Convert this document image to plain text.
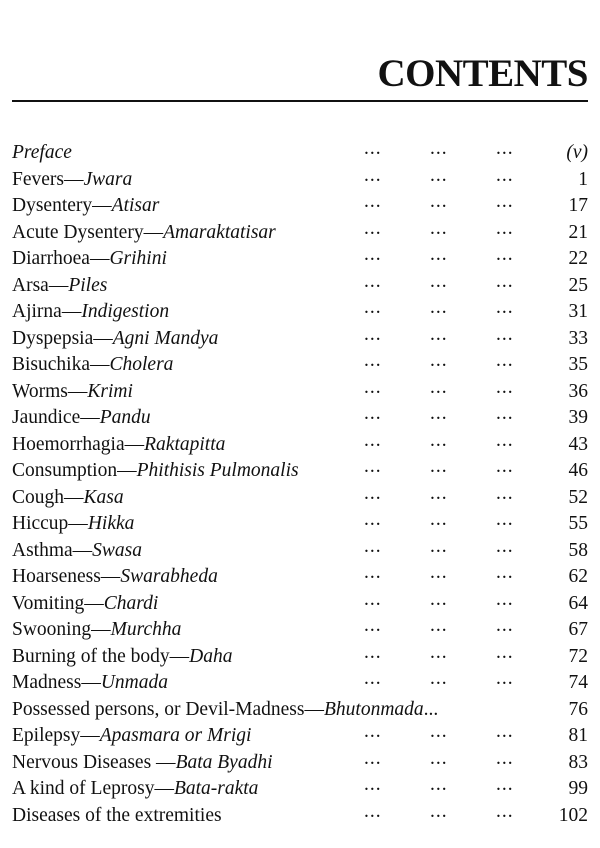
CONTENTS
Preface	... ... ...	(v)
Fevers—Jwara	... ... ...	1
Dysentery—Atisar	... ... ...	17
Acute Dysentery—Amaraktatisar	... ... ...	21
Diarrhoea—Grihini	... ... ...	22
Arsa—Piles	... ... ...	25
Ajirna—Indigestion	... ... ...	31
Dyspepsia—Agni Mandya	... ... ...	33
Bisuchika—Cholera	... ... ...	35
Worms—Krimi	... ... ...	36
Jaundice—Pandu	... ... ...	39
Hoemorrhagia—Raktapitta	... ... ...	43
Consumption—Phithisis Pulmonalis	... ... ...	46
Cough—Kasa	... ... ...	52
Hiccup—Hikka	... ... ...	55
Asthma—Swasa	... ... ...	58
Hoarseness—Swarabheda	... ... ...	62
Vomiting—Chardi	... ... ...	64
Swooning—Murchha	... ... ...	67
Burning of the body—Daha	... ... ...	72
Madness—Unmada	... ... ...	74
Possessed persons, or Devil-Madness—Bhutonmada...	76
Epilepsy—Apasmara or Mrigi	... ... ...	81
Nervous Diseases —Bata Byadhi	... ... ...	83
A kind of Leprosy—Bata-rakta	... ... ...	99
Diseases of the extremities	... ... ... 102
